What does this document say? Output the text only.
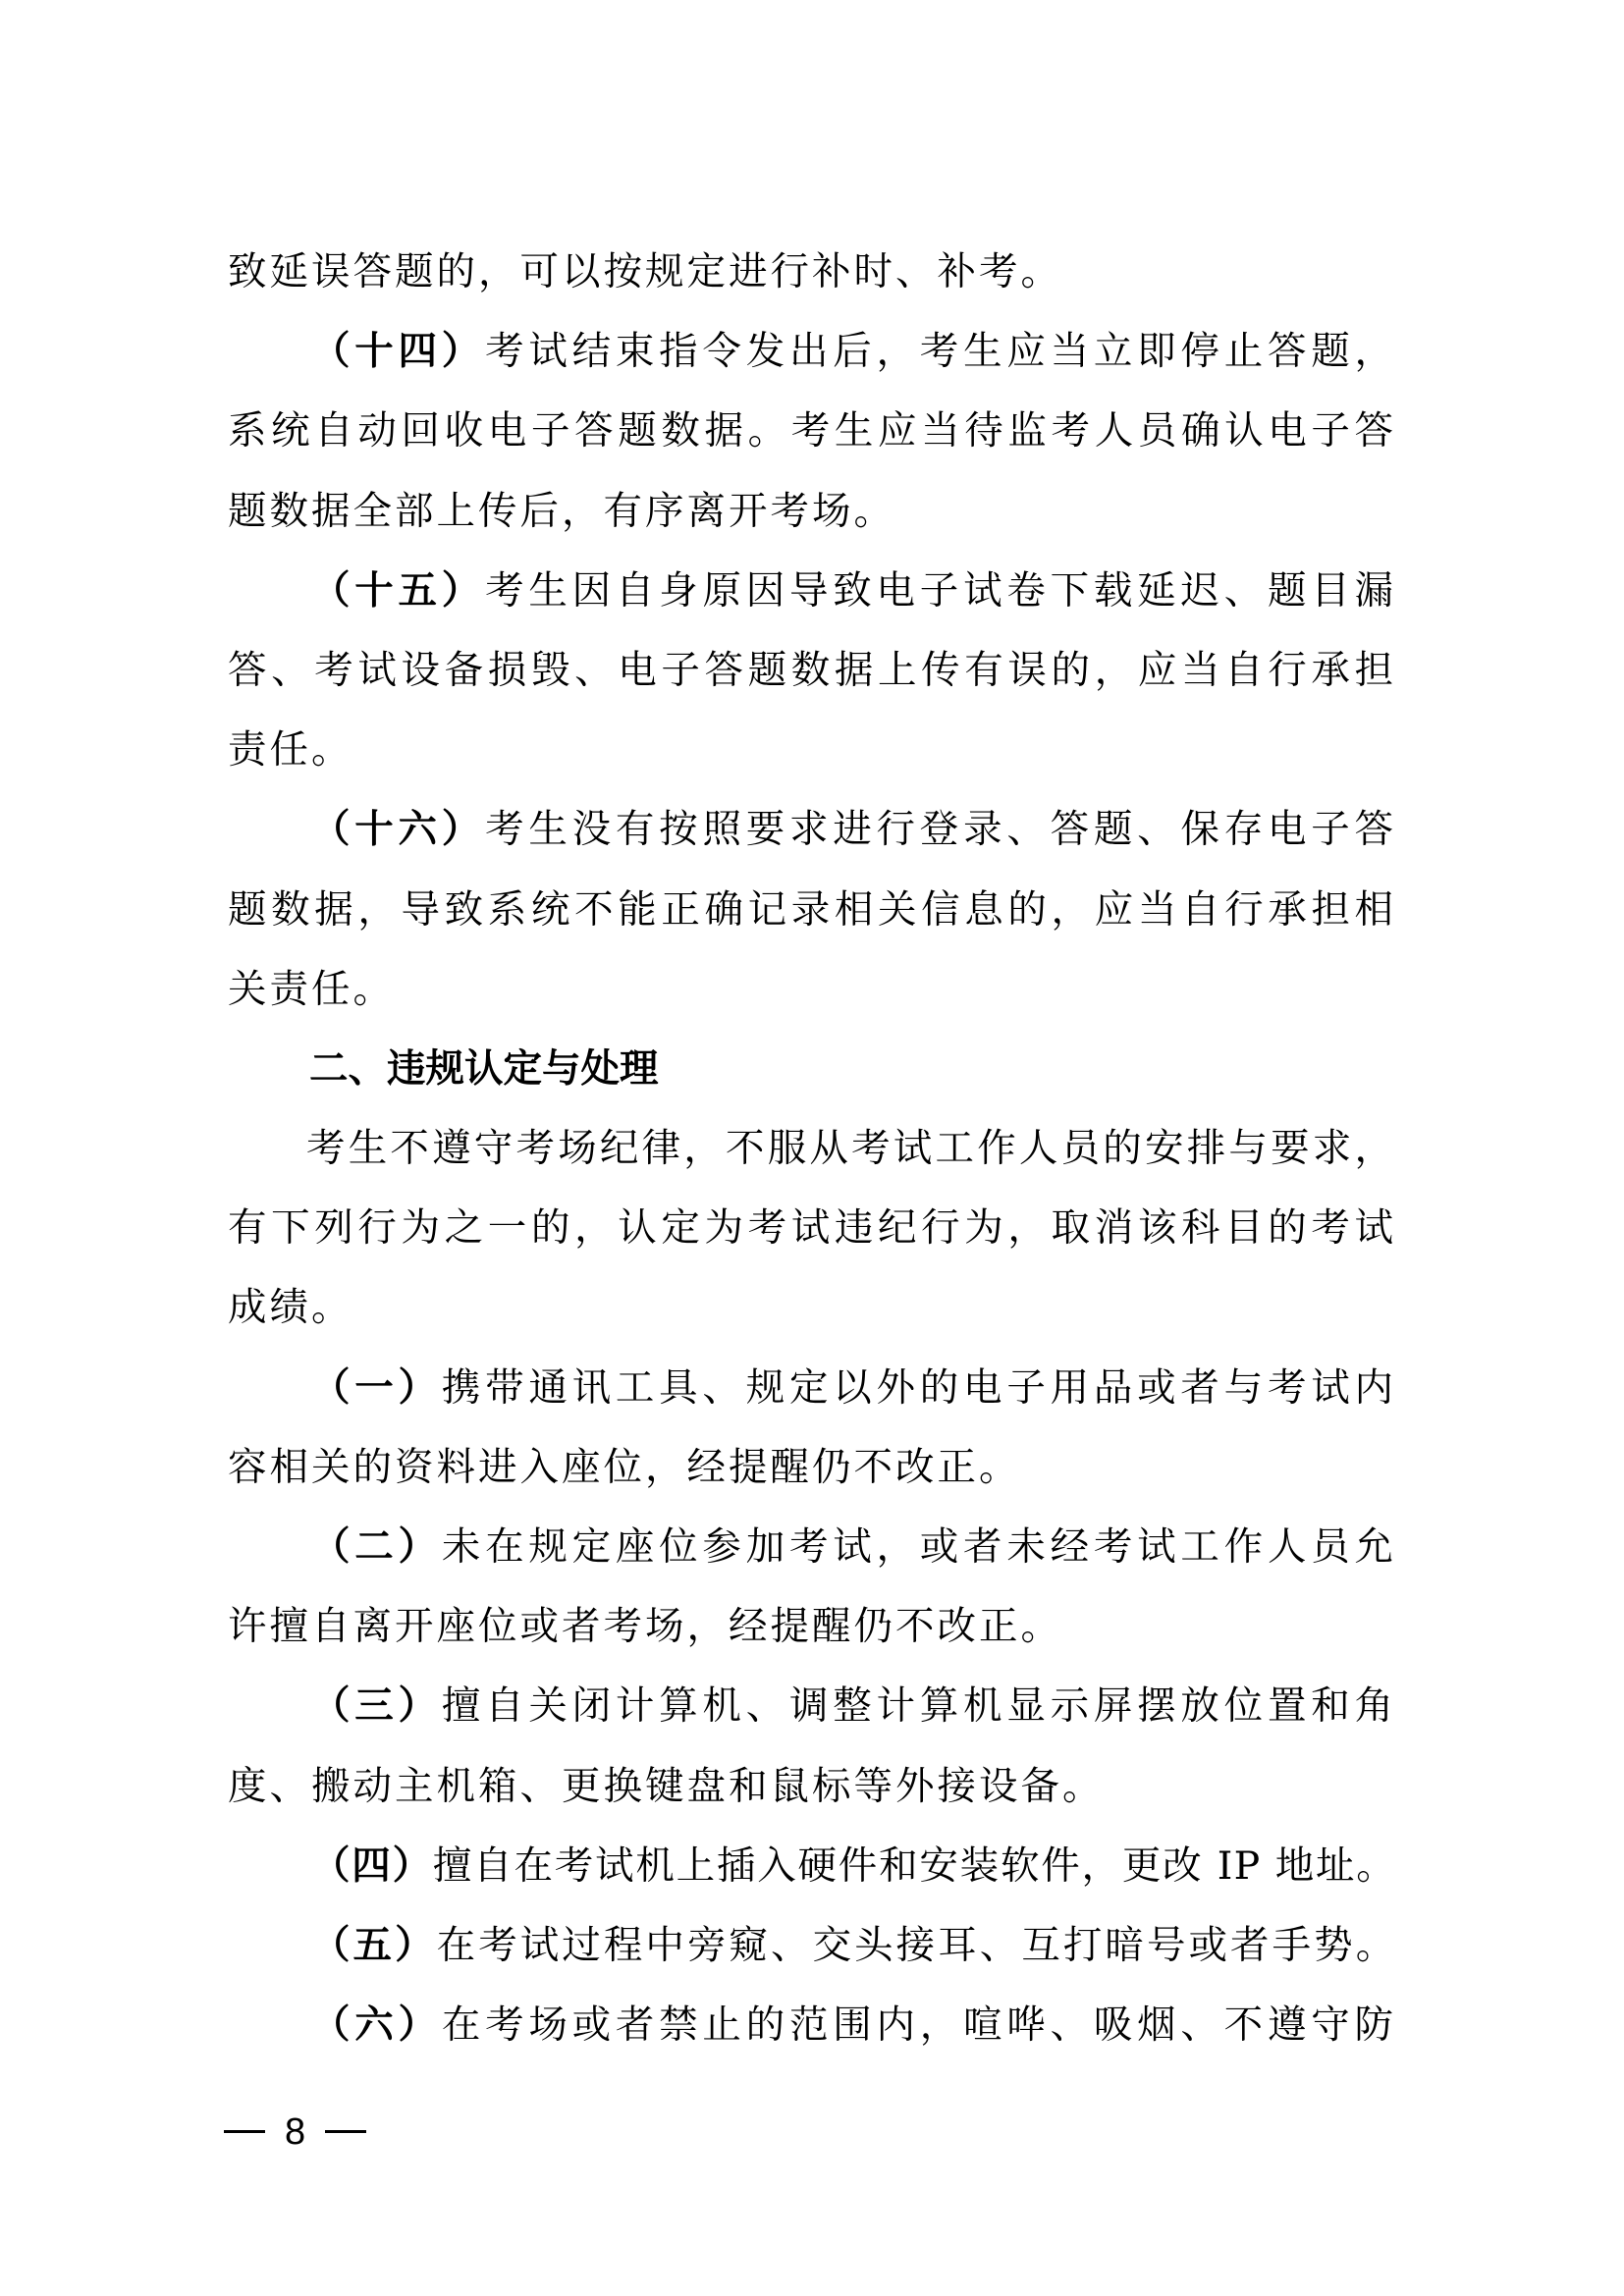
致延误答题的，可以按规定进行补时、补考。
（十四）考试结束指令发出后，考生应当立即停止答题，
系统自动回收电子答题数据。考生应当待监考人员确认电子答
题数据全部上传后，有序离开考场。
（十五）考生因自身原因导致电子试卷下载延迟、题目漏
答、考试设备损毁、电子答题数据上传有误的，应当自行承担
责任。
（十六）考生没有按照要求进行登录、答题、保存电子答
题数据，导致系统不能正确记录相关信息的，应当自行承担相
关责任。
二、违规认定与处理
考生不遵守考场纪律，不服从考试工作人员的安排与要求，
有下列行为之一的，认定为考试违纪行为，取消该科目的考试
成绩。
（一）携带通讯工具、规定以外的电子用品或者与考试内
容相关的资料进入座位，经提醒仍不改正。
（二）未在规定座位参加考试，或者未经考试工作人员允
许擅自离开座位或者考场，经提醒仍不改正。
（三）擅自关闭计算机、调整计算机显示屏摆放位置和角
度、搬动主机箱、更换键盘和鼠标等外接设备。
（四）擅自在考试机上插入硬件和安装软件，更改 IP 地址。
（五）在考试过程中旁窥、交头接耳、互打暗号或者手势。
（六）在考场或者禁止的范围内，喧哗、吸烟、不遵守防
8
